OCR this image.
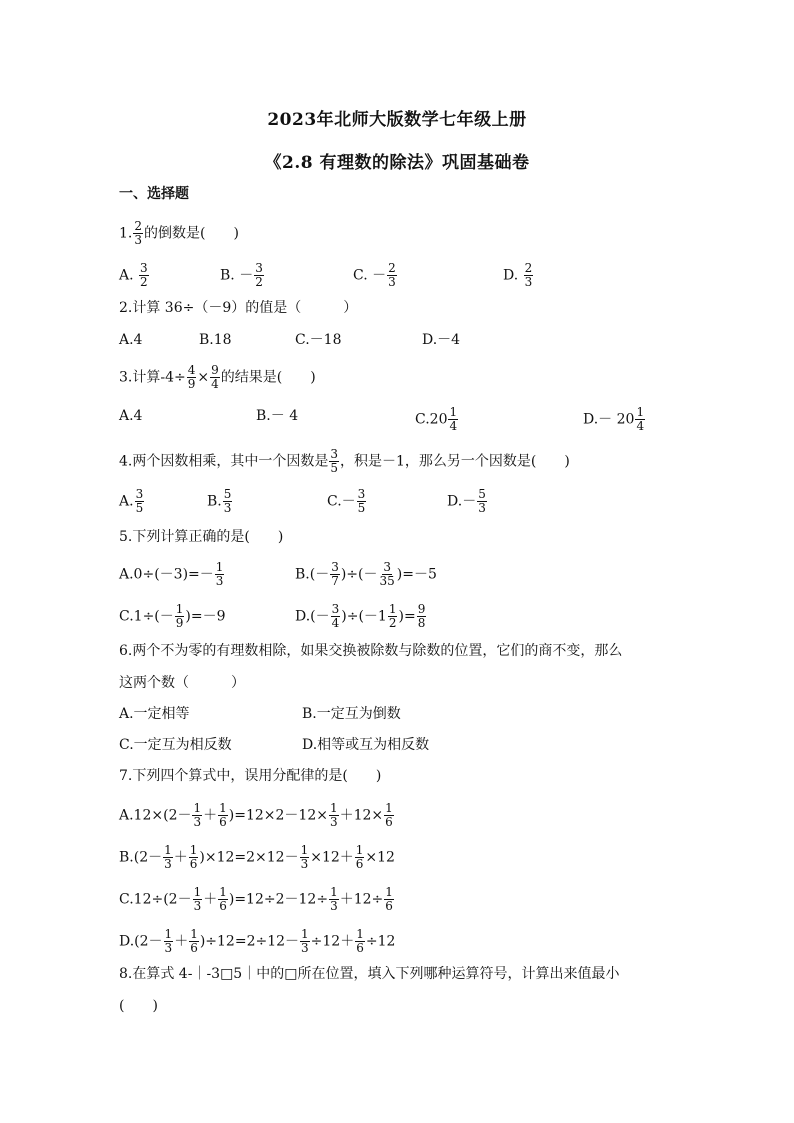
2023年北师大版数学七年级上册
《2.8 有理数的除法》巩固基础卷
一、选择题
1. $\frac{2}{3}$ 的倒数是(　　)
A. $\frac{3}{2}$	B. － $\frac{3}{2}$	C. － $\frac{2}{3}$	D. $\frac{2}{3}$
2.计算 36÷（－9）的值是（　　　）
A.4	B.18	C.－18	D.－4
3.计算$-4\div \frac{4}{9} \times \frac{9}{4}$ 的结果是(　　)
A.4	B.－ 4	$C.20 \frac{1}{4}$	$D.- 20 \frac{1}{4}$
4.两个因数相乘，其中一个因数是 $\frac{3}{5}$ ，积是－1，那么另一个因数是(　　)
A. $\frac{3}{5}$	B. $\frac{5}{3}$	$C.- \frac{3}{5}$	$D.- \frac{5}{3}$
5.下列计算正确的是(　　)
$A.0\div(-3)=- \frac{1}{3}$	$B.(- \frac{3}{7}$ )÷(－ $\frac{3}{35} )=-5$
$C.1\div(- \frac{1}{9} )=-9$	$D.(- \frac{3}{4} )\div(-1 \frac{1}{2}$ )= $\frac{9}{8}$
6.两个不为零的有理数相除，如果交换被除数与除数的位置，它们的商不变，那么
这两个数（　　　）
A.一定相等	B.一定互为倒数
C.一定互为相反数	D.相等或互为相反数
7.下列四个算式中，误用分配律的是(　　)
$A.12\times(2- \frac{1}{3} + \frac{1}{6} )=12\times 2-12\times \frac{1}{3} +12\times \frac{1}{6}$
$B.(2- \frac{1}{3} + \frac{1}{6} )\times 12=2\times 12- \frac{1}{3} \times 12+ \frac{1}{6} \times 12$
$C.12\div(2- \frac{1}{3} + \frac{1}{6} )=12\div 2-12\div \frac{1}{3} +12\div \frac{1}{6}$
$D.(2- \frac{1}{3} + \frac{1}{6} )\div 12=2\div 12- \frac{1}{3} \div 12+ \frac{1}{6} \div 12$
8.在算式 4-｜-3□5｜中的□所在位置，填入下列哪种运算符号，计算出来值最小
(　　)
